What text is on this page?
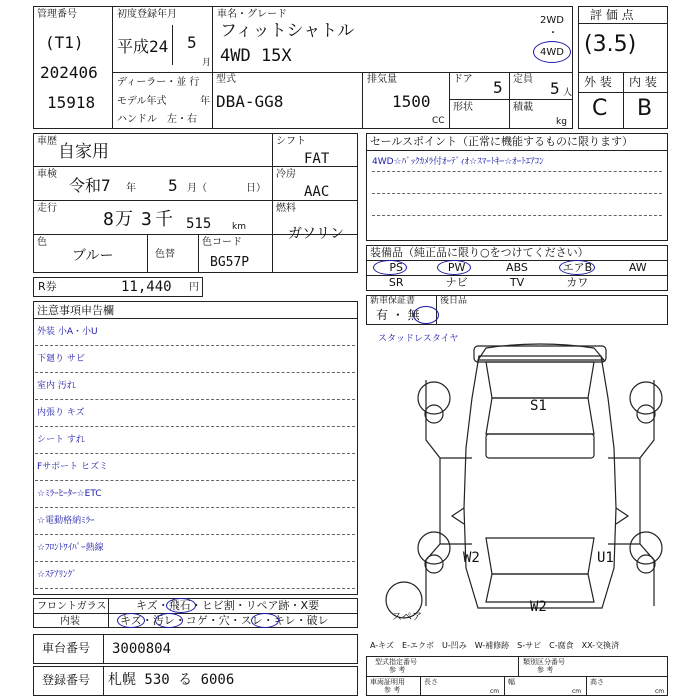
管理番号
(T1)
202406
15918
初度登録年月
平成24 5
月
車名・グレード
フィットシャトル
4WD 15X
2WD
・
4WD
ディーラー・並 行
モデル年式	年
ハンドル　左・右
型式
DBA-GG8
排気量
1500
CC
ドア 5
形状
定員 5 人
積載
kg
評 価 点
(3.5)
外 装 内 装
C B
車歴
自家用
シフト
FAT
車検
令和7 年 5 月（	日）
冷房
AAC
走行
8 万 3 千 515 km
燃料
ガソリン
色
ブルー	色替
色コード
BG57P
R券	11,440 円
セールスポイント（正常に機能するものに限ります）
4WD☆ﾊﾞｯｸｶﾒﾗ付ｵｰﾃﾞｨｵ☆ｽﾏｰﾄｷｰ☆ｵｰﾄｴｱｺﾝ
装備品（純正品に限り○をつけてください）
PS	PW	ABS	エアB	AW
SR	ナビ	TV	カワ
新車保証書	後日品
有 ・ 無
注意事項申告欄
外装 小A・小U
下廻り サビ
室内 汚れ
内張り キズ
シート すれ
Fサポート ヒズミ
☆ﾐﾗｰﾋｰﾀｰ☆ETC
☆電動格納ﾐﾗｰ
☆ﾌﾛﾝﾄﾜｲﾊﾟｰ熱線
☆ｽﾃｱﾘﾝｸﾞ
スタッドレスタイヤ
S1
W2	U1
W2
スペア
フロントガラス	キズ・飛石・ヒビ割・リペア跡・X要
内装	キズ・汚レ・コゲ・穴・スレ・キレ・破レ
車台番号 3000804
登録番号 札幌 530 る 6006
A-キズ　E-エクボ　U-凹み　W-補修跡　S-サビ　C-腐食　XX-交換済
型式指定番号
参 考
類別区分番号
参 考
車両証明用
参 考
長さ
cm
幅
cm
高さ
cm
